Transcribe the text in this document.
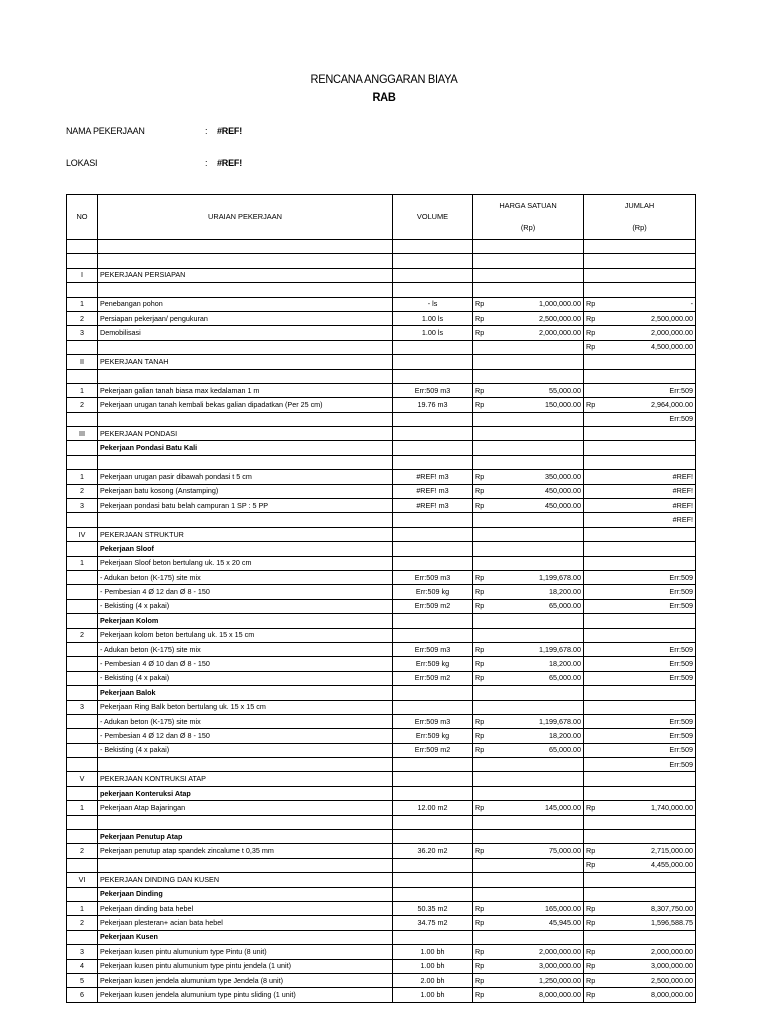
RENCANA ANGGARAN BIAYA
RAB
NAMA PEKERJAAN	: #REF!
LOKASI	: #REF!
NO	URAIAN PEKERJAAN	VOLUME	HARGA SATUAN	JUMLAH
			(Rp)	(Rp)

I	PEKERJAAN PERSIAPAN		

1	Penebangan pohon	- ls	Rp 1,000,000.00	Rp -

2	Persiapan pekerjaan/ pengukuran	1.00 ls	Rp 2,500,000.00	Rp 2,500,000.00

3	Demobilisasi	1.00 ls	Rp 2,000,000.00	Rp 2,000,000.00

				Rp 4,500,000.00

II	PEKERJAAN TANAH		

1	Pekerjaan galian tanah biasa max kedalaman 1 m	Err:509 m3	Rp 55,000.00	Err:509

2	Pekerjaan urugan tanah kembali bekas galian dipadatkan (Per 25 cm)	19.76 m3	Rp 150,000.00	Rp 2,964,000.00

				Err:509

III	PEKERJAAN PONDASI		

	Pekerjaan Pondasi Batu Kali		

1	Pekerjaan urugan pasir dibawah pondasi t 5 cm	#REF! m3	Rp 350,000.00	#REF!

2	Pekerjaan batu kosong (Anstamping)	#REF! m3	Rp 450,000.00	#REF!

3	Pekerjaan pondasi batu belah campuran 1 SP : 5 PP	#REF! m3	Rp 450,000.00	#REF!

				#REF!

IV	PEKERJAAN STRUKTUR		

	Pekerjaan Sloof		

1	Pekerjaan Sloof beton bertulang uk. 15 x 20 cm		

	- Adukan beton (K-175) site mix	Err:509 m3	Rp 1,199,678.00	Err:509

	- Pembesian 4 Ø 12 dan Ø 8 - 150	Err:509 kg	Rp 18,200.00	Err:509

	- Bekisting (4 x pakai)	Err:509 m2	Rp 65,000.00	Err:509

	Pekerjaan Kolom		

2	Pekerjaan kolom beton bertulang uk. 15 x 15 cm		

	- Adukan beton (K-175) site mix	Err:509 m3	Rp 1,199,678.00	Err:509

	- Pembesian 4 Ø 10 dan Ø 8 - 150	Err:509 kg	Rp 18,200.00	Err:509

	- Bekisting (4 x pakai)	Err:509 m2	Rp 65,000.00	Err:509

	Pekerjaan Balok		

3	Pekerjaan Ring Balk beton bertulang uk. 15 x 15 cm		

	- Adukan beton (K-175) site mix	Err:509 m3	Rp 1,199,678.00	Err:509

	- Pembesian 4 Ø 12 dan Ø 8 - 150	Err:509 kg	Rp 18,200.00	Err:509

	- Bekisting (4 x pakai)	Err:509 m2	Rp 65,000.00	Err:509

				Err:509

V	PEKERJAAN KONTRUKSI ATAP		

	pekerjaan Konteruksi Atap		

1	Pekerjaan Atap Bajaringan	12.00 m2	Rp 145,000.00	Rp 1,740,000.00

	Pekerjaan Penutup Atap		

2	Pekerjaan penutup atap spandek zincalume t 0,35 mm	36.20 m2	Rp 75,000.00	Rp 2,715,000.00

				Rp 4,455,000.00

VI	PEKERJAAN DINDING DAN KUSEN		

	Pekerjaan Dinding		

1	Pekerjaan dinding bata hebel	50.35 m2	Rp 165,000.00	Rp 8,307,750.00

2	Pekerjaan plesteran+ acian bata hebel	34.75 m2	Rp 45,945.00	Rp 1,596,588.75

	Pekerjaan Kusen		

3	Pekerjaan kusen pintu alumunium type Pintu (8 unit)	1.00 bh	Rp 2,000,000.00	Rp 2,000,000.00

4	Pekerjaan kusen pintu alumunium type pintu jendela (1 unit)	1.00 bh	Rp 3,000,000.00	Rp 3,000,000.00

5	Pekerjaan kusen jendela alumunium type Jendela (8 unit)	2.00 bh	Rp 1,250,000.00	Rp 2,500,000.00

6	Pekerjaan kusen jendela alumunium type pintu sliding (1 unit)	1.00 bh	Rp 8,000,000.00	Rp 8,000,000.00
